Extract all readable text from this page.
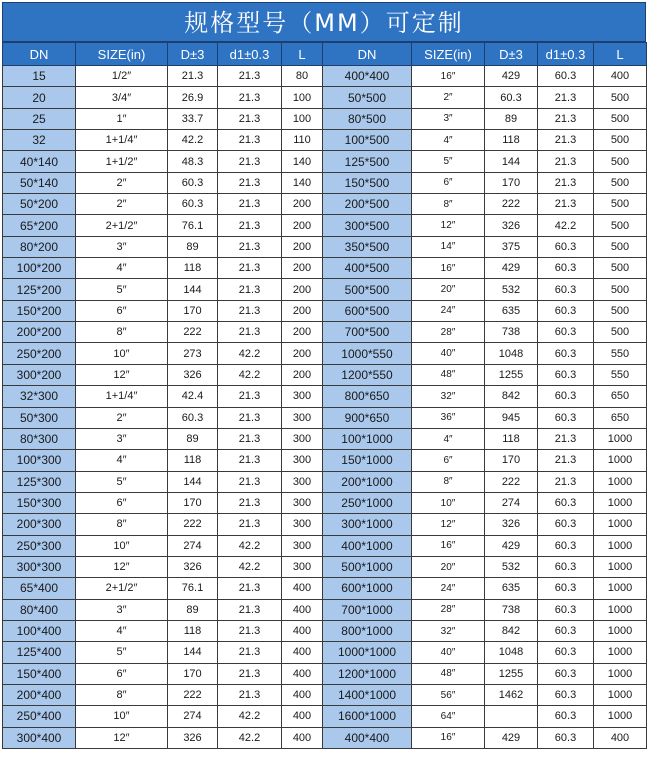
规格型号（MM）可定制
DN	SIZE(in)	D±3	d1±0.3	L	DN	SIZE(in)	D±3	d1±0.3	L
15	1/2″	21.3	21.3	80	400*400	16″	429	60.3	400
20	3/4″	26.9	21.3	100	50*500	2″	60.3	21.3	500
25	1″	33.7	21.3	100	80*500	3″	89	21.3	500
32	1+1/4″	42.2	21.3	110	100*500	4″	118	21.3	500
40*140	1+1/2″	48.3	21.3	140	125*500	5″	144	21.3	500
50*140	2″	60.3	21.3	140	150*500	6″	170	21.3	500
50*200	2″	60.3	21.3	200	200*500	8″	222	21.3	500
65*200	2+1/2″	76.1	21.3	200	300*500	12″	326	42.2	500
80*200	3″	89	21.3	200	350*500	14″	375	60.3	500
100*200	4″	118	21.3	200	400*500	16″	429	60.3	500
125*200	5″	144	21.3	200	500*500	20″	532	60.3	500
150*200	6″	170	21.3	200	600*500	24″	635	60.3	500
200*200	8″	222	21.3	200	700*500	28″	738	60.3	500
250*200	10″	273	42.2	200	1000*550	40″	1048	60.3	550
300*200	12″	326	42.2	200	1200*550	48″	1255	60.3	550
32*300	1+1/4″	42.4	21.3	300	800*650	32″	842	60.3	650
50*300	2″	60.3	21.3	300	900*650	36″	945	60.3	650
80*300	3″	89	21.3	300	100*1000	4″	118	21.3	1000
100*300	4″	118	21.3	300	150*1000	6″	170	21.3	1000
125*300	5″	144	21.3	300	200*1000	8″	222	21.3	1000
150*300	6″	170	21.3	300	250*1000	10″	274	60.3	1000
200*300	8″	222	21.3	300	300*1000	12″	326	60.3	1000
250*300	10″	274	42.2	300	400*1000	16″	429	60.3	1000
300*300	12″	326	42.2	300	500*1000	20″	532	60.3	1000
65*400	2+1/2″	76.1	21.3	400	600*1000	24″	635	60.3	1000
80*400	3″	89	21.3	400	700*1000	28″	738	60.3	1000
100*400	4″	118	21.3	400	800*1000	32″	842	60.3	1000
125*400	5″	144	21.3	400	1000*1000	40″	1048	60.3	1000
150*400	6″	170	21.3	400	1200*1000	48″	1255	60.3	1000
200*400	8″	222	21.3	400	1400*1000	56″	1462	60.3	1000
250*400	10″	274	42.2	400	1600*1000	64″		60.3	1000
300*400	12″	326	42.2	400	400*400	16″	429	60.3	400
